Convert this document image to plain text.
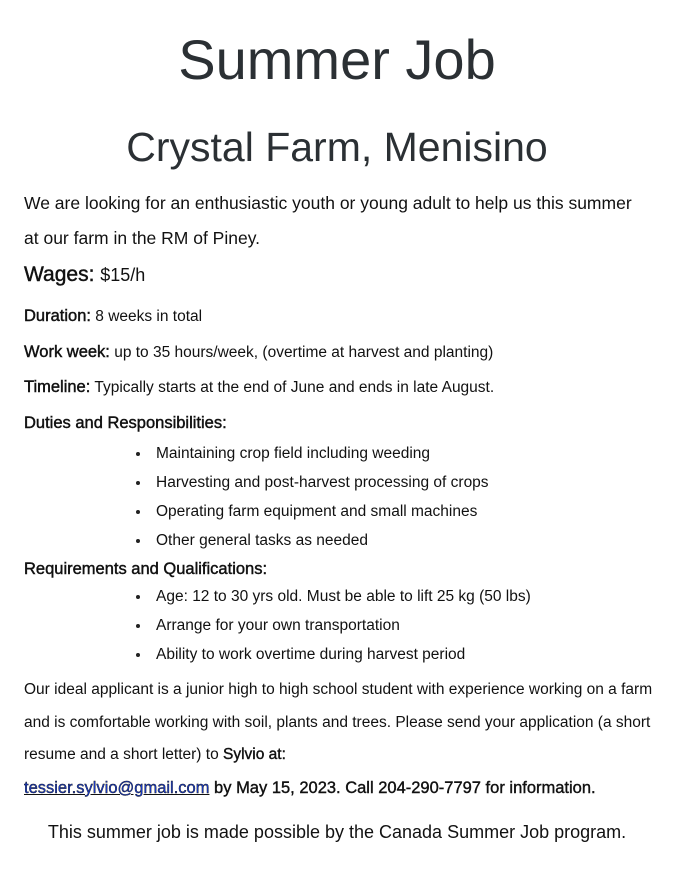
Summer Job
Crystal Farm, Menisino
We are looking for an enthusiastic youth or young adult to help us this summer at our farm in the RM of Piney.
Wages: $15/h
Duration: 8 weeks in total
Work week: up to 35 hours/week, (overtime at harvest and planting)
Timeline: Typically starts at the end of June and ends in late August.
Duties and Responsibilities:
Maintaining crop field including weeding
Harvesting and post-harvest processing of crops
Operating farm equipment and small machines
Other general tasks as needed
Requirements and Qualifications:
Age: 12 to 30 yrs old. Must be able to lift 25 kg (50 lbs)
Arrange for your own transportation
Ability to work overtime during harvest period
Our ideal applicant is a junior high to high school student with experience working on a farm and is comfortable working with soil, plants and trees. Please send your application (a short resume and a short letter) to Sylvio at:
tessier.sylvio@gmail.com by May 15, 2023. Call 204-290-7797 for information.
This summer job is made possible by the Canada Summer Job program.
